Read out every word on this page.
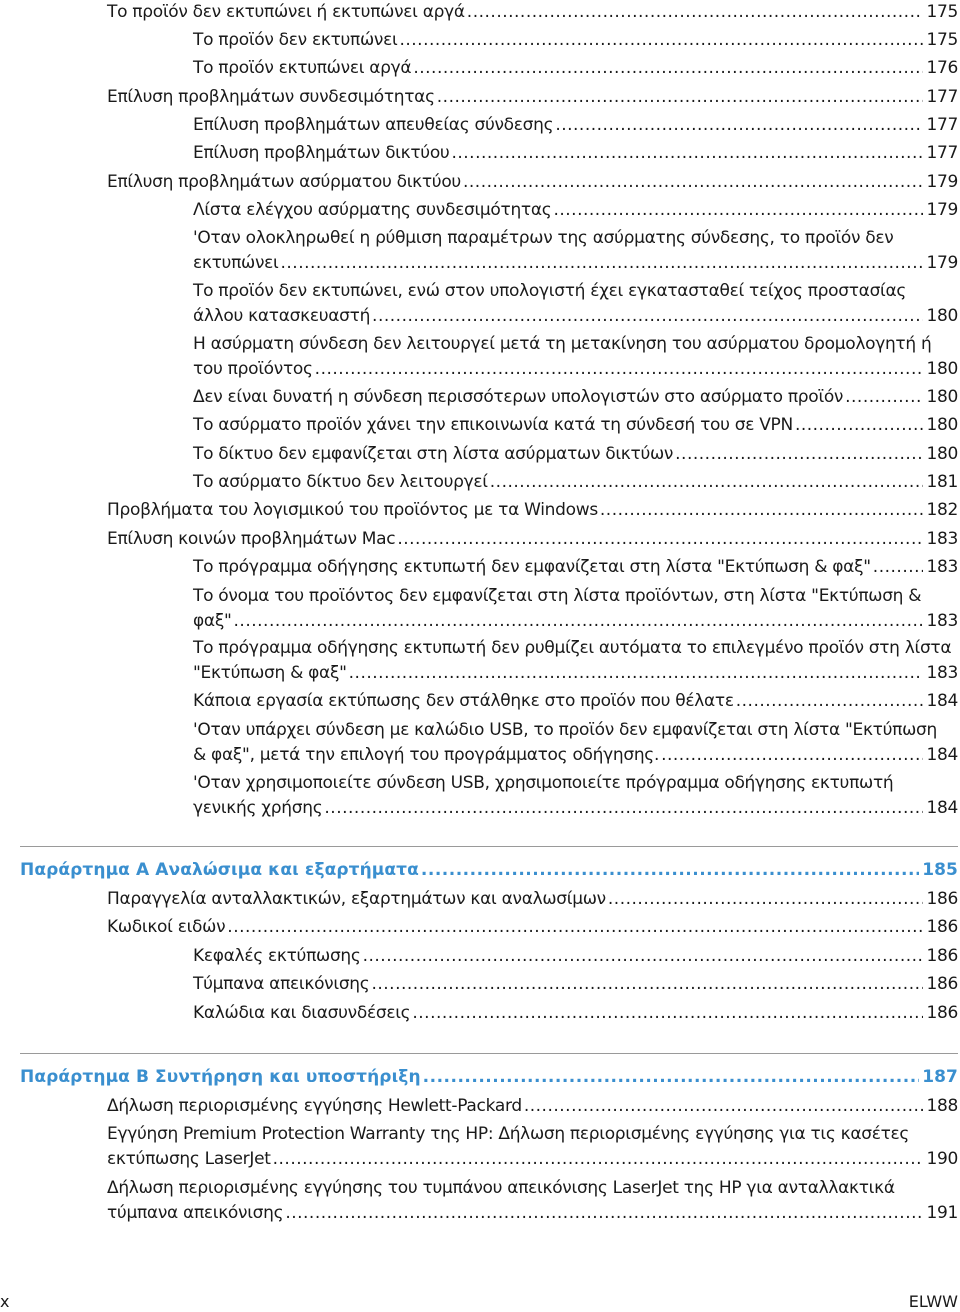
Το προϊόν δεν εκτυπώνει ή εκτυπώνει αργά .....	175
Το προϊόν δεν εκτυπώνει .....	175
Το προϊόν εκτυπώνει αργά .....	176
Επίλυση προβλημάτων συνδεσιμότητας .....	177
Επίλυση προβλημάτων απευθείας σύνδεσης .....	177
Επίλυση προβλημάτων δικτύου .....	177
Επίλυση προβλημάτων ασύρματου δικτύου .....	179
Λίστα ελέγχου ασύρματης συνδεσιμότητας .....	179
'Οταν ολοκληρωθεί η ρύθμιση παραμέτρων της ασύρματης σύνδεσης, το προϊόν δεν
εκτυπώνει .....	179
Το προϊόν δεν εκτυπώνει, ενώ στον υπολογιστή έχει εγκατασταθεί τείχος προστασίας
άλλου κατασκευαστή .....	180
Η ασύρματη σύνδεση δεν λειτουργεί μετά τη μετακίνηση του ασύρματου δρομολογητή ή
του προϊόντος .....	180
Δεν είναι δυνατή η σύνδεση περισσότερων υπολογιστών στο ασύρματο προϊόν .....	180
Το ασύρματο προϊόν χάνει την επικοινωνία κατά τη σύνδεσή του σε VPN .....	180
Το δίκτυο δεν εμφανίζεται στη λίστα ασύρματων δικτύων .....	180
Το ασύρματο δίκτυο δεν λειτουργεί .....	181
Προβλήματα του λογισμικού του προϊόντος με τα Windows .....	182
Επίλυση κοινών προβλημάτων Mac .....	183
Το πρόγραμμα οδήγησης εκτυπωτή δεν εμφανίζεται στη λίστα "Εκτύπωση & φαξ" .....	183
Το όνομα του προϊόντος δεν εμφανίζεται στη λίστα προϊόντων, στη λίστα "Εκτύπωση &
φαξ" .....	183
Το πρόγραμμα οδήγησης εκτυπωτή δεν ρυθμίζει αυτόματα το επιλεγμένο προϊόν στη λίστα
"Εκτύπωση & φαξ" .....	183
Κάποια εργασία εκτύπωσης δεν στάλθηκε στο προϊόν που θέλατε .....	184
'Οταν υπάρχει σύνδεση με καλώδιο USB, το προϊόν δεν εμφανίζεται στη λίστα "Εκτύπωση
& φαξ", μετά την επιλογή του προγράμματος οδήγησης. .....	184
'Οταν χρησιμοποιείτε σύνδεση USB, χρησιμοποιείτε πρόγραμμα οδήγησης εκτυπωτή
γενικής χρήσης .....	184
Παράρτημα A Αναλώσιμα και εξαρτήματα .....	185
Παραγγελία ανταλλακτικών, εξαρτημάτων και αναλωσίμων .....	186
Κωδικοί ειδών .....	186
Κεφαλές εκτύπωσης .....	186
Τύμπανα απεικόνισης .....	186
Καλώδια και διασυνδέσεις .....	186
Παράρτημα B Συντήρηση και υποστήριξη .....	187
Δήλωση περιορισμένης εγγύησης Hewlett-Packard .....	188
Εγγύηση Premium Protection Warranty της HP: Δήλωση περιορισμένης εγγύησης για τις κασέτες
εκτύπωσης LaserJet .....	190
Δήλωση περιορισμένης εγγύησης του τυμπάνου απεικόνισης LaserJet της HP για ανταλλακτικά
τύμπανα απεικόνισης .....	191
x	ELWW
